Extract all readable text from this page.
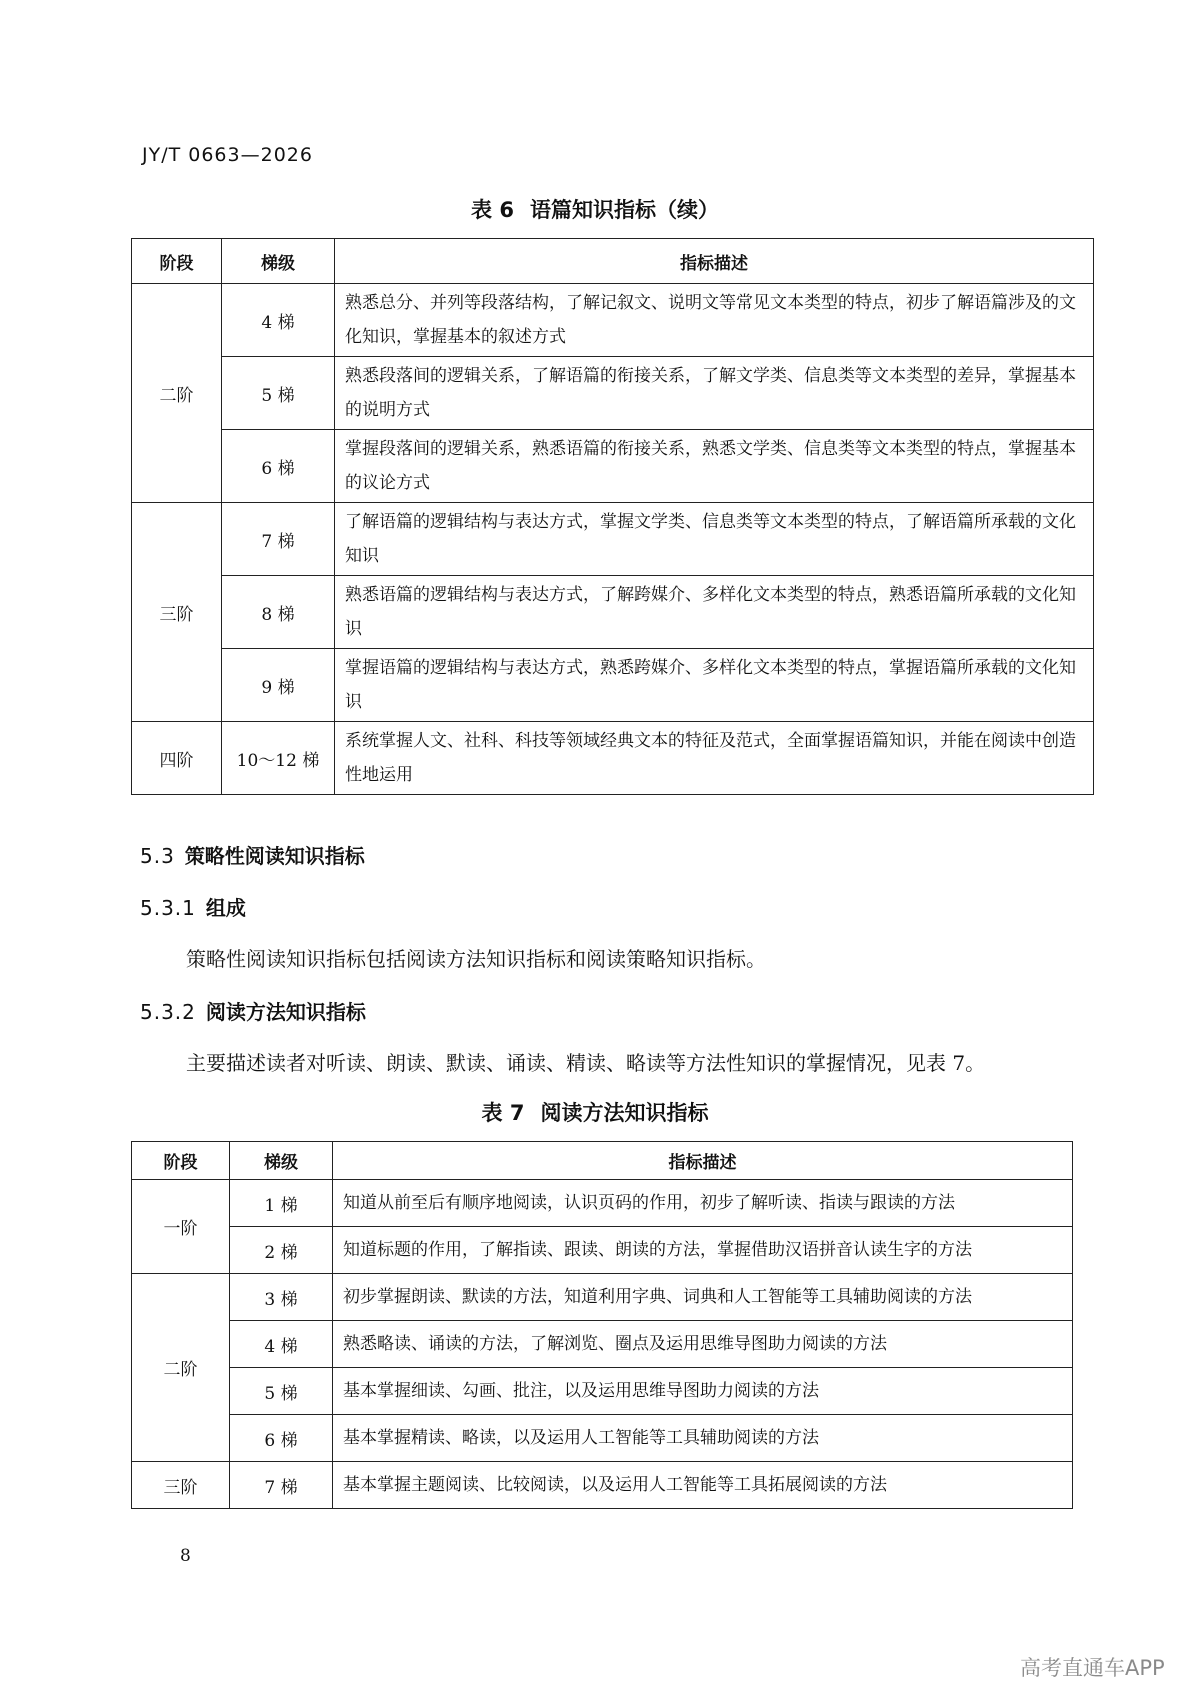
JY/T 0663—2026
表 6 语篇知识指标（续）
阶段	梯级	指标描述
二阶	4 梯	熟悉总分、并列等段落结构，了解记叙文、说明文等常见文本类型的特点，初步了解语篇涉及的文化知识，掌握基本的叙述方式
	5 梯	熟悉段落间的逻辑关系，了解语篇的衔接关系，了解文学类、信息类等文本类型的差异，掌握基本的说明方式
	6 梯	掌握段落间的逻辑关系，熟悉语篇的衔接关系，熟悉文学类、信息类等文本类型的特点，掌握基本的议论方式
三阶	7 梯	了解语篇的逻辑结构与表达方式，掌握文学类、信息类等文本类型的特点，了解语篇所承载的文化知识
	8 梯	熟悉语篇的逻辑结构与表达方式，了解跨媒介、多样化文本类型的特点，熟悉语篇所承载的文化知识
	9 梯	掌握语篇的逻辑结构与表达方式，熟悉跨媒介、多样化文本类型的特点，掌握语篇所承载的文化知识
四阶	10～12 梯	系统掌握人文、社科、科技等领域经典文本的特征及范式，全面掌握语篇知识，并能在阅读中创造性地运用
5.3 策略性阅读知识指标
5.3.1 组成
策略性阅读知识指标包括阅读方法知识指标和阅读策略知识指标。
5.3.2 阅读方法知识指标
主要描述读者对听读、朗读、默读、诵读、精读、略读等方法性知识的掌握情况，见表 7。
表 7 阅读方法知识指标
阶段	梯级	指标描述
一阶	1 梯	知道从前至后有顺序地阅读，认识页码的作用，初步了解听读、指读与跟读的方法
	2 梯	知道标题的作用，了解指读、跟读、朗读的方法，掌握借助汉语拼音认读生字的方法
二阶	3 梯	初步掌握朗读、默读的方法，知道利用字典、词典和人工智能等工具辅助阅读的方法
	4 梯	熟悉略读、诵读的方法，了解浏览、圈点及运用思维导图助力阅读的方法
	5 梯	基本掌握细读、勾画、批注，以及运用思维导图助力阅读的方法
	6 梯	基本掌握精读、略读，以及运用人工智能等工具辅助阅读的方法
三阶	7 梯	基本掌握主题阅读、比较阅读，以及运用人工智能等工具拓展阅读的方法
8
高考直通车APP
